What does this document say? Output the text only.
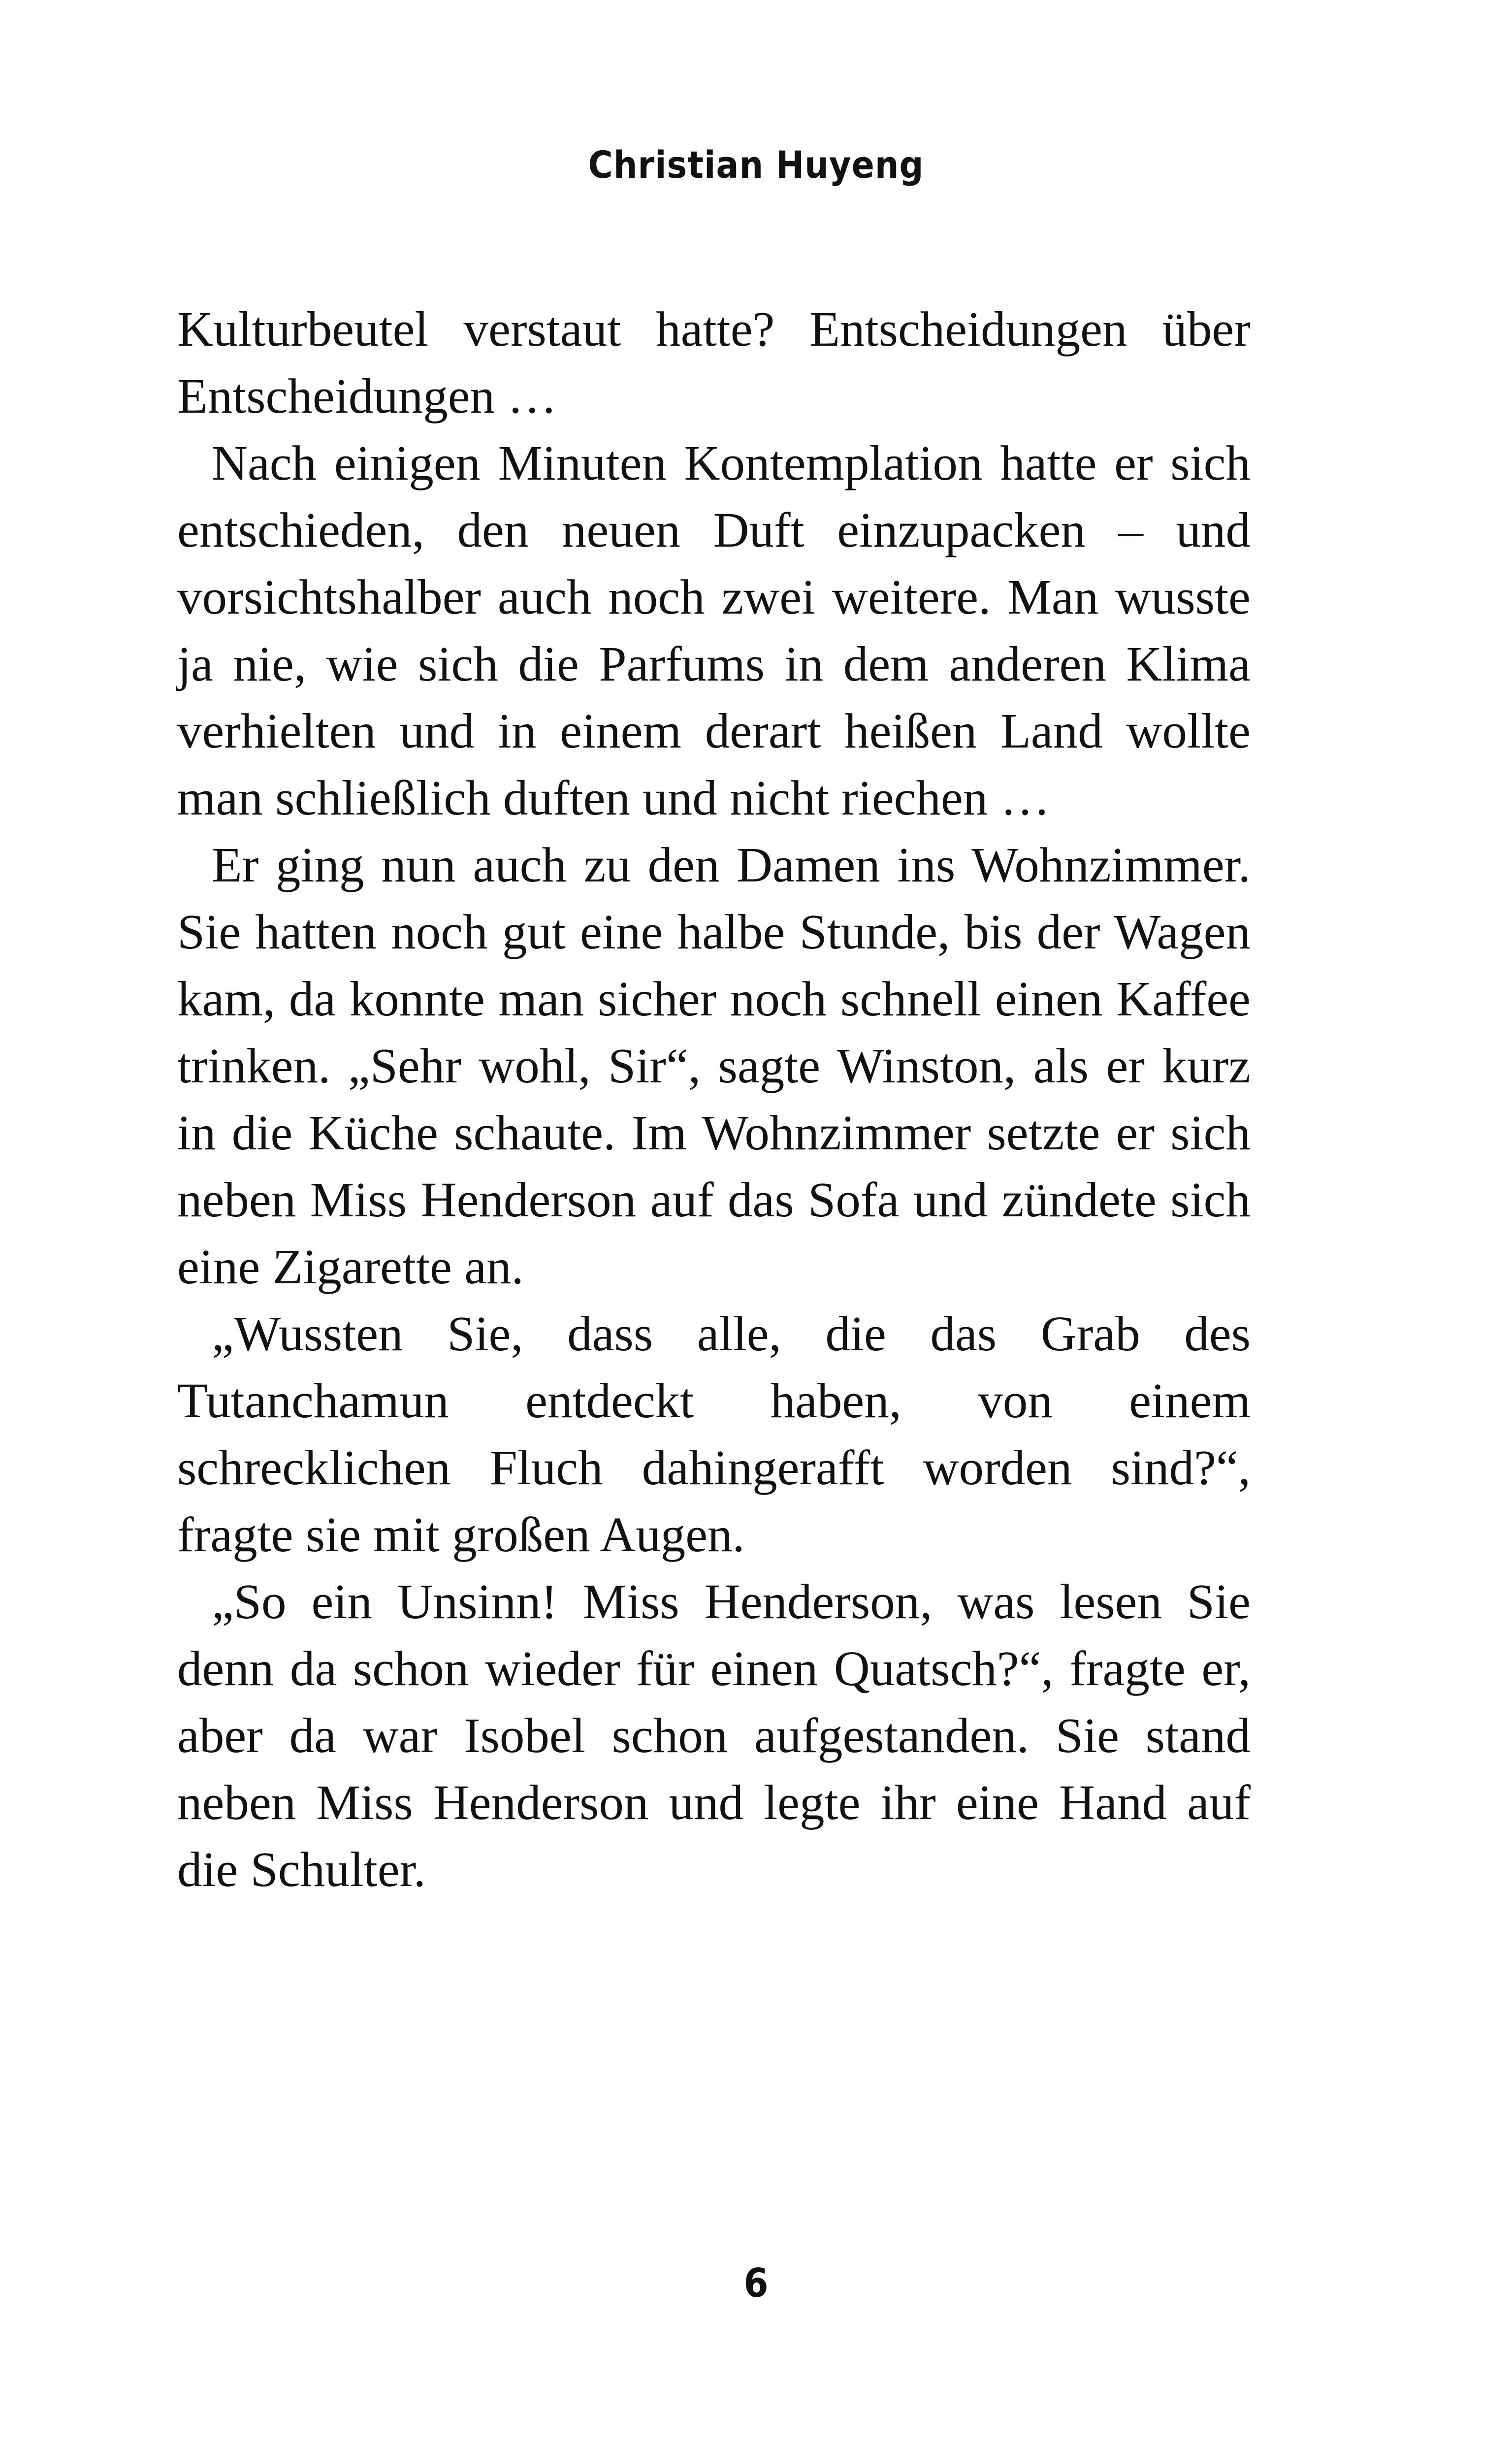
Christian Huyeng

Kulturbeutel verstaut hatte? Entscheidungen über Entscheidungen …

Nach einigen Minuten Kontemplation hatte er sich entschieden, den neuen Duft einzupacken – und vorsichtshalber auch noch zwei weitere. Man wusste ja nie, wie sich die Parfums in dem anderen Klima verhielten und in einem derart heißen Land wollte man schließlich duften und nicht riechen …

Er ging nun auch zu den Damen ins Wohnzimmer. Sie hatten noch gut eine halbe Stunde, bis der Wagen kam, da konnte man sicher noch schnell einen Kaffee trinken. „Sehr wohl, Sir“, sagte Winston, als er kurz in die Küche schaute. Im Wohnzimmer setzte er sich neben Miss Henderson auf das Sofa und zündete sich eine Zigarette an.

„Wussten Sie, dass alle, die das Grab des Tutanchamun entdeckt haben, von einem schrecklichen Fluch dahingerafft worden sind?“, fragte sie mit großen Augen.

„So ein Unsinn! Miss Henderson, was lesen Sie denn da schon wieder für einen Quatsch?“, fragte er, aber da war Isobel schon aufgestanden. Sie stand neben Miss Henderson und legte ihr eine Hand auf die Schulter.

6
